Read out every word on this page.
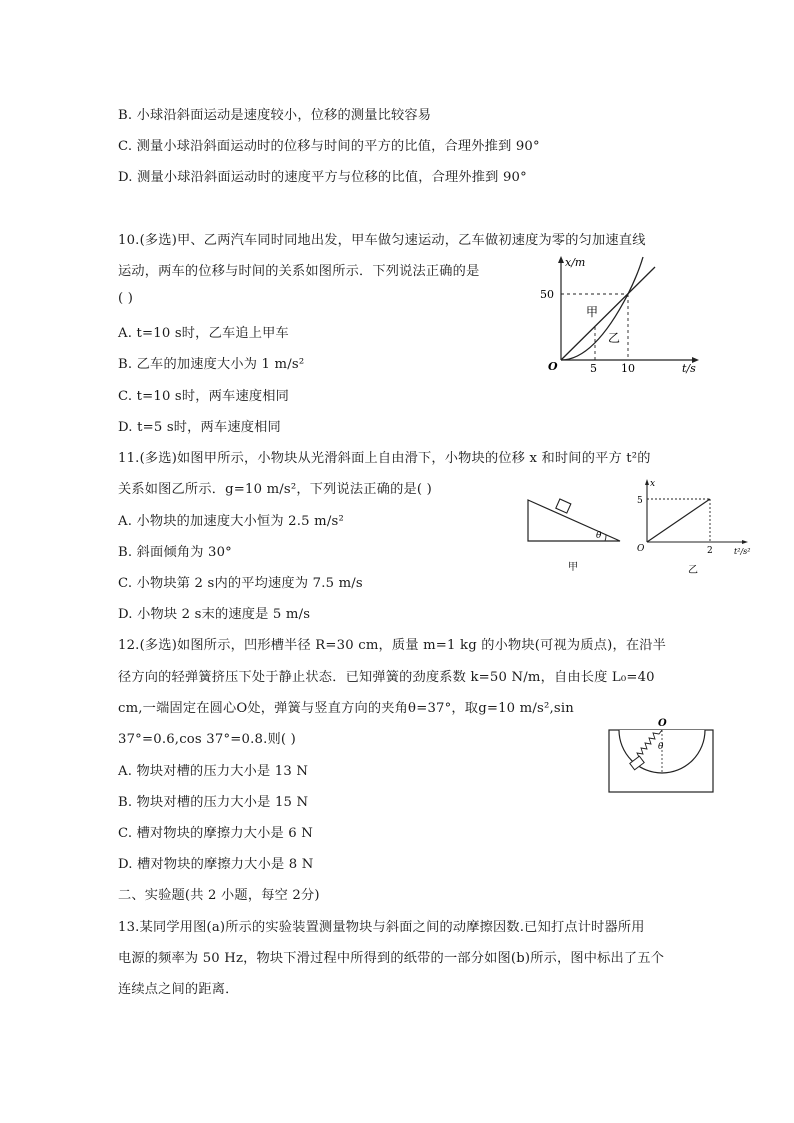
B. 小球沿斜面运动是速度较小，位移的测量比较容易
C. 测量小球沿斜面运动时的位移与时间的平方的比值，合理外推到 90°
D. 测量小球沿斜面运动时的速度平方与位移的比值，合理外推到 90°
10.(多选)甲、乙两汽车同时同地出发，甲车做匀速运动，乙车做初速度为零的匀加速直线
运动，两车的位移与时间的关系如图所示．下列说法正确的是
( )
A. t=10 s时，乙车追上甲车
B. 乙车的加速度大小为 1 m/s²
C. t=10 s时，两车速度相同
D. t=5 s时，两车速度相同
11.(多选)如图甲所示，小物块从光滑斜面上自由滑下，小物块的位移 x 和时间的平方 t²的
关系如图乙所示．g=10 m/s²，下列说法正确的是( )
A. 小物块的加速度大小恒为 2.5 m/s²
B. 斜面倾角为 30°
C. 小物块第 2 s内的平均速度为 7.5 m/s
D. 小物块 2 s末的速度是 5 m/s
12.(多选)如图所示，凹形槽半径 R=30 cm，质量 m=1 kg 的小物块(可视为质点)，在沿半
径方向的轻弹簧挤压下处于静止状态．已知弹簧的劲度系数 k=50 N/m，自由长度 L₀=40
cm,一端固定在圆心O处，弹簧与竖直方向的夹角θ=37°，取g=10 m/s²,sin
37°=0.6,cos 37°=0.8.则( )
A. 物块对槽的压力大小是 13 N
B. 物块对槽的压力大小是 15 N
C. 槽对物块的摩擦力大小是 6 N
D. 槽对物块的摩擦力大小是 8 N
二、实验题(共 2 小题，每空 2分)
13.某同学用图(a)所示的实验装置测量物块与斜面之间的动摩擦因数.已知打点计时器所用
电源的频率为 50 Hz，物块下滑过程中所得到的纸带的一部分如图(b)所示，图中标出了五个
连续点之间的距离．
x/m
t/s
O
50
5 10
甲
乙
θ
甲
x
t²/s²
O
5
2
乙
O
θ
